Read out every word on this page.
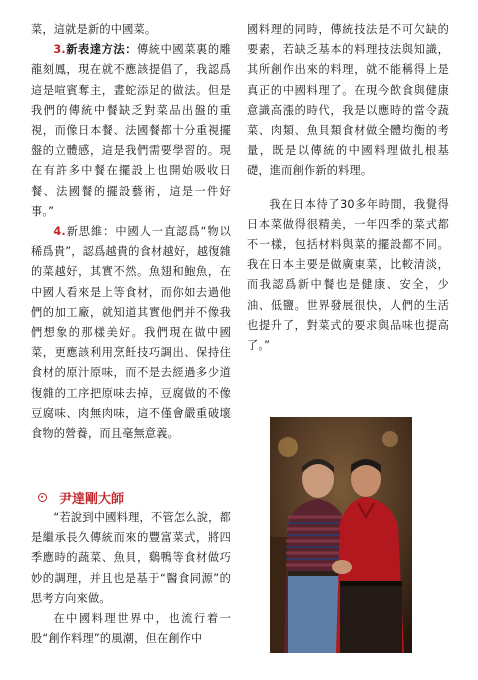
菜，這就是新的中國菜。

3.新表達方法：傳統中國菜裏的雕龍刻鳳，現在就不應該提倡了，我認爲這是喧賓奪主，晝蛇添足的做法。但是我們的傳統中餐缺乏對菜品出盤的重視，而像日本餐、法國餐都十分重視擺盤的立體感，這是我們需要學習的。現在有許多中餐在擺設上也開始吸收日餐、法國餐的擺設藝術，這是一件好事。”

4.新思維：中國人一直認爲“物以稀爲貴”，認爲越貴的食材越好，越復雜的菜越好，其實不然。魚翅和鮑魚，在中國人看來是上等食材，而你如去過他們的加工廠，就知道其實他們并不像我們想象的那樣美好。我們現在做中國菜，更應該利用烹飪技巧調出、保持住食材的原汁原味，而不是去經過多少道復雜的工序把原味去掉，豆腐做的不像豆腐味、肉無肉味，這不僅會嚴重破壞食物的營養，而且毫無意義。

尹達剛大師

“若說到中國料理，不管怎么說，都是繼承長久傳統而來的豐富菜式，將四季應時的蔬菜、魚貝，鷄鴨等食材做巧妙的調理，并且也是基于“醫食同源”的思考方向來做。

在中國料理世界中，也流行着一股“創作料理”的風潮，但在創作中

國料理的同時，傳統技法是不可欠缺的要素，若缺乏基本的料理技法與知識，其所創作出來的料理，就不能稱得上是真正的中國料理了。在現今飲食與健康意識高漲的時代，我是以應時的當令蔬菜、肉類、魚貝類食材做全體均衡的考量，既是以傳統的中國料理做扎根基礎，進而創作新的料理。

我在日本待了30多年時間，我覺得日本菜做得很精美，一年四季的菜式都不一樣，包括材料與菜的擺設都不同。我在日本主要是做廣東菜，比較清淡，而我認爲新中餐也是健康、安全，少油、低鹽。世界發展很快，人們的生活也提升了，對菜式的要求與品味也提高了。”
